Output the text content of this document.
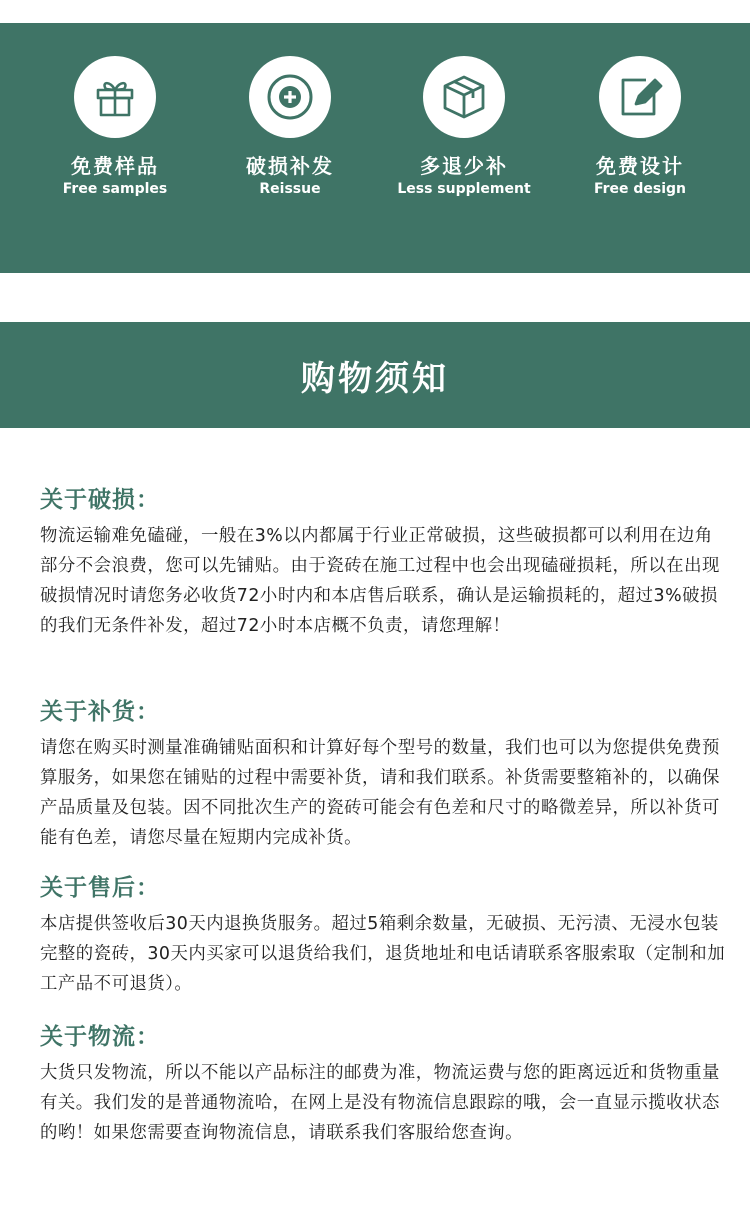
免费样品
Free samples
破损补发
Reissue
多退少补
Less supplement
免费设计
Free design
购物须知
关于破损：

物流运输难免磕碰，一般在3%以内都属于行业正常破损，这些破损都可以利用在边角部分不会浪费，您可以先铺贴。由于瓷砖在施工过程中也会出现磕碰损耗，所以在出现破损情况时请您务必收货72小时内和本店售后联系，确认是运输损耗的，超过3%破损的我们无条件补发，超过72小时本店概不负责，请您理解！

关于补货：

请您在购买时测量准确铺贴面积和计算好每个型号的数量，我们也可以为您提供免费预算服务，如果您在铺贴的过程中需要补货，请和我们联系。补货需要整箱补的，以确保产品质量及包装。因不同批次生产的瓷砖可能会有色差和尺寸的略微差异，所以补货可能有色差，请您尽量在短期内完成补货。

关于售后：

本店提供签收后30天内退换货服务。超过5箱剩余数量，无破损、无污渍、无浸水包装完整的瓷砖，30天内买家可以退货给我们，退货地址和电话请联系客服索取（定制和加工产品不可退货）。

关于物流：

大货只发物流，所以不能以产品标注的邮费为准，物流运费与您的距离远近和货物重量有关。我们发的是普通物流哈，在网上是没有物流信息跟踪的哦，会一直显示揽收状态的哟！如果您需要查询物流信息，请联系我们客服给您查询。
